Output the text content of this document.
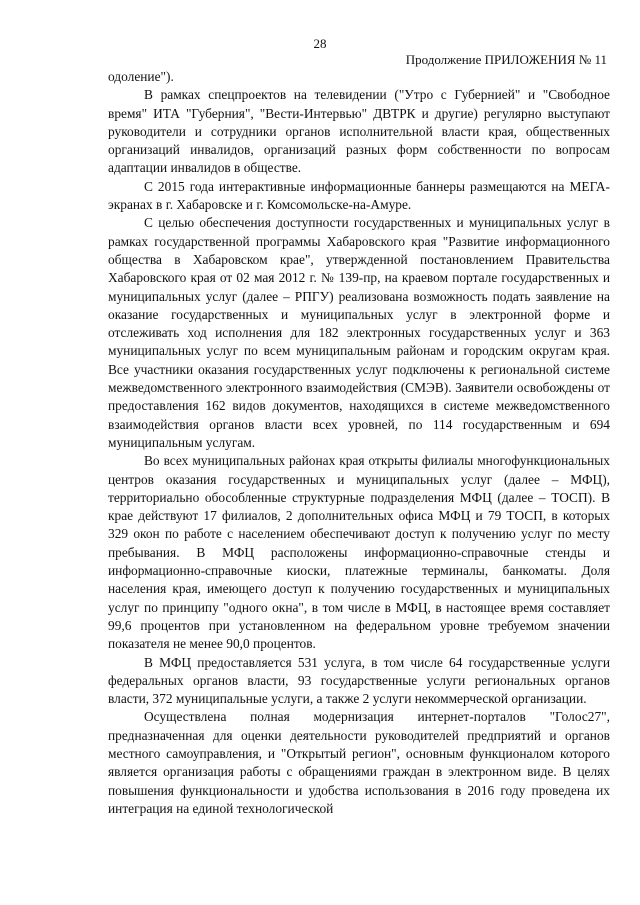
28
Продолжение ПРИЛОЖЕНИЯ № 11

одоление").

В рамках спецпроектов на телевидении ("Утро с Губернией" и "Свободное время" ИТА "Губерния", "Вести-Интервью" ДВТРК и другие) регулярно выступают руководители и сотрудники органов исполнительной власти края, общественных организаций инвалидов, организаций разных форм собственности по вопросам адаптации инвалидов в обществе.

С 2015 года интерактивные информационные баннеры размещаются на МЕГА-экранах в г. Хабаровске и г. Комсомольске-на-Амуре.

С целью обеспечения доступности государственных и муниципальных услуг в рамках государственной программы Хабаровского края "Развитие информационного общества в Хабаровском крае", утвержденной постановлением Правительства Хабаровского края от 02 мая 2012 г. № 139-пр, на краевом портале государственных и муниципальных услуг (далее – РПГУ) реализована возможность подать заявление на оказание государственных и муниципальных услуг в электронной форме и отслеживать ход исполнения для 182 электронных государственных услуг и 363 муниципальных услуг по всем муниципальным районам и городским округам края. Все участники оказания государственных услуг подключены к региональной системе межведомственного электронного взаимодействия (СМЭВ). Заявители освобождены от предоставления 162 видов документов, находящихся в системе межведомственного взаимодействия органов власти всех уровней, по 114 государственным и 694 муниципальным услугам.

Во всех муниципальных районах края открыты филиалы многофункциональных центров оказания государственных и муниципальных услуг (далее – МФЦ), территориально обособленные структурные подразделения МФЦ (далее – ТОСП). В крае действуют 17 филиалов, 2 дополнительных офиса МФЦ и 79 ТОСП, в которых 329 окон по работе с населением обеспечивают доступ к получению услуг по месту пребывания. В МФЦ расположены информационно-справочные стенды и информационно-справочные киоски, платежные терминалы, банкоматы. Доля населения края, имеющего доступ к получению государственных и муниципальных услуг по принципу "одного окна", в том числе в МФЦ, в настоящее время составляет 99,6 процентов при установленном на федеральном уровне требуемом значении показателя не менее 90,0 процентов.

В МФЦ предоставляется 531 услуга, в том числе 64 государственные услуги федеральных органов власти, 93 государственные услуги региональных органов власти, 372 муниципальные услуги, а также 2 услуги некоммерческой организации.

Осуществлена полная модернизация интернет-порталов "Голос27", предназначенная для оценки деятельности руководителей предприятий и органов местного самоуправления, и "Открытый регион", основным функционалом которого является организация работы с обращениями граждан в электронном виде. В целях повышения функциональности и удобства использования в 2016 году проведена их интеграция на единой технологической
